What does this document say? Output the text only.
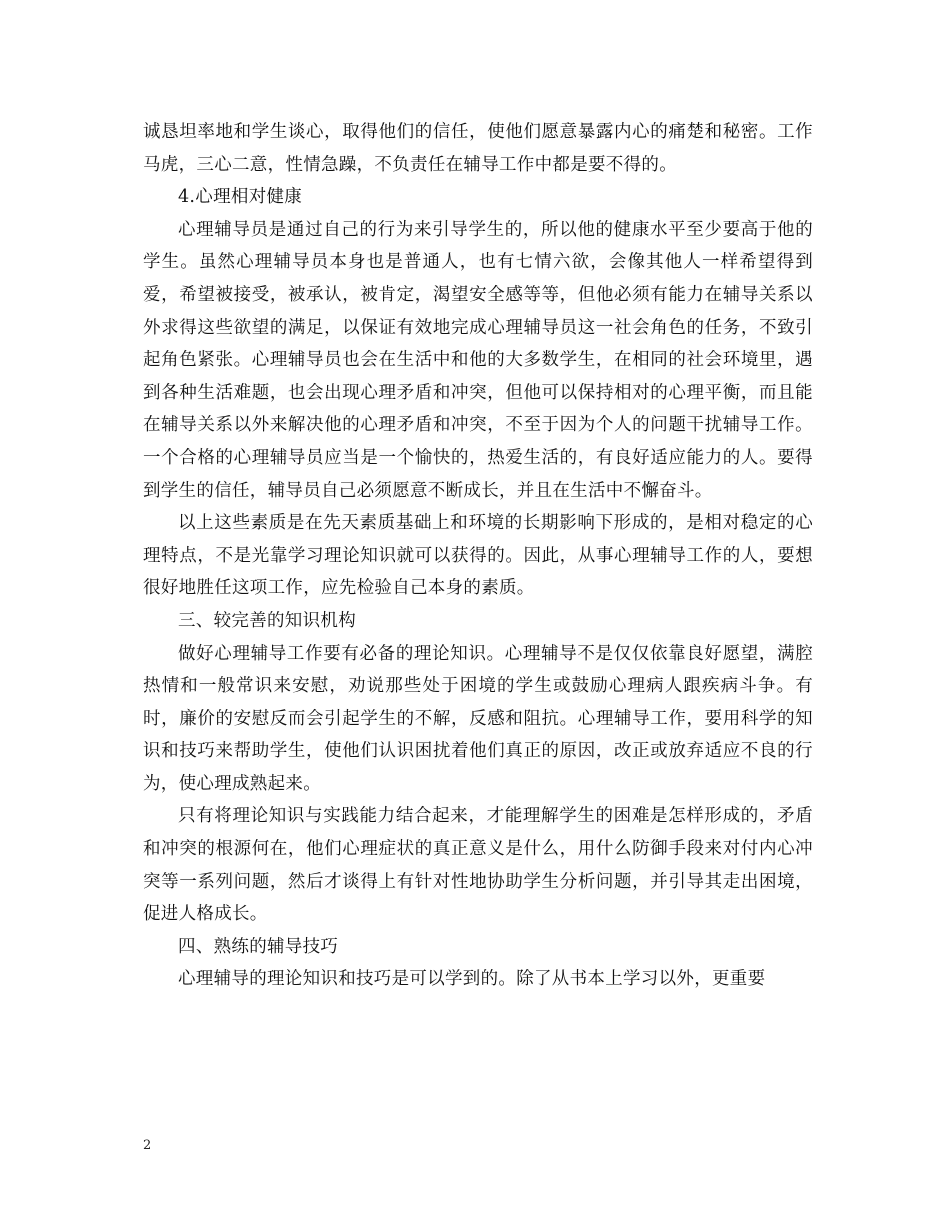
诚恳坦率地和学生谈心，取得他们的信任，使他们愿意暴露内心的痛楚和秘密。工作马虎，三心二意，性情急躁，不负责任在辅导工作中都是要不得的。

4.心理相对健康

心理辅导员是通过自己的行为来引导学生的，所以他的健康水平至少要高于他的学生。虽然心理辅导员本身也是普通人，也有七情六欲，会像其他人一样希望得到爱，希望被接受，被承认，被肯定，渴望安全感等等，但他必须有能力在辅导关系以外求得这些欲望的满足，以保证有效地完成心理辅导员这一社会角色的任务，不致引起角色紧张。心理辅导员也会在生活中和他的大多数学生，在相同的社会环境里，遇到各种生活难题，也会出现心理矛盾和冲突，但他可以保持相对的心理平衡，而且能在辅导关系以外来解决他的心理矛盾和冲突，不至于因为个人的问题干扰辅导工作。一个合格的心理辅导员应当是一个愉快的，热爱生活的，有良好适应能力的人。要得到学生的信任，辅导员自己必须愿意不断成长，并且在生活中不懈奋斗。

以上这些素质是在先天素质基础上和环境的长期影响下形成的，是相对稳定的心理特点，不是光靠学习理论知识就可以获得的。因此，从事心理辅导工作的人，要想很好地胜任这项工作，应先检验自己本身的素质。

三、较完善的知识机构

做好心理辅导工作要有必备的理论知识。心理辅导不是仅仅依靠良好愿望，满腔热情和一般常识来安慰，劝说那些处于困境的学生或鼓励心理病人跟疾病斗争。有时，廉价的安慰反而会引起学生的不解，反感和阻抗。心理辅导工作，要用科学的知识和技巧来帮助学生，使他们认识困扰着他们真正的原因，改正或放弃适应不良的行为，使心理成熟起来。

只有将理论知识与实践能力结合起来，才能理解学生的困难是怎样形成的，矛盾和冲突的根源何在，他们心理症状的真正意义是什么，用什么防御手段来对付内心冲突等一系列问题，然后才谈得上有针对性地协助学生分析问题，并引导其走出困境，促进人格成长。

四、熟练的辅导技巧

心理辅导的理论知识和技巧是可以学到的。除了从书本上学习以外，更重要

2
